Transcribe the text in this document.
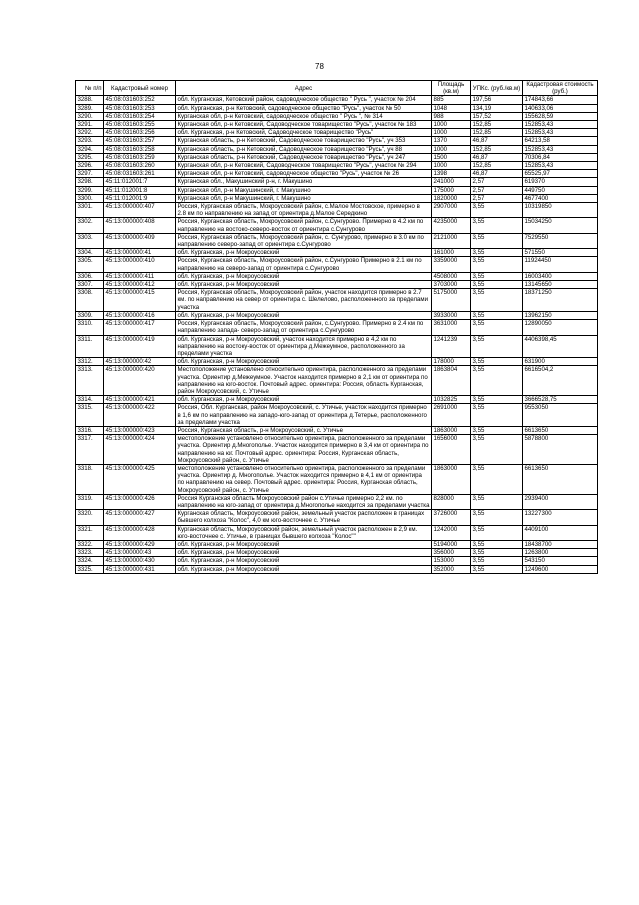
78
№ п/п	Кадастровый номер	Адрес	Площадь (кв.м)	УПКс. (руб./кв.м)	Кадастровая стоимость (руб.)
3288.	45:08:031603:252	обл. Курганская, Кетовский район, садоводческое общество " Русь ", участок № 204	885	197,56	174843,66
3289.	45:08:031603:253	обл. Курганская, р-н Кетовский, садоводческое общество "Русь", участок № 50	1048	134,19	140633,06
3290.	45:08:031603:254	Курганская обл, р-н Кетовский, садоводческое общество " Русь ", № 314	988	157,52	155628,59
3291.	45:08:031603:255	Курганская обл, р-н Кетовский, Садоводческое товарищество "Русь", участок № 183	1000	152,85	152853,43
3292.	45:08:031603:256	обл. Курганская, р-н Кетовский, Садоводческое товарищество "Русь"	1000	152,85	152853,43
3293.	45:08:031603:257	Курганская область, р-н Кетовский, Садоводческое товарищество "Русь", уч 353	1370	46,87	64213,58
3294.	45:08:031603:258	Курганская область, р-н Кетовский, Садоводческое товарищество "Русь", уч 88	1000	152,85	152853,43
3295.	45:08:031603:259	Курганская область, р-н Кетовский, Садоводческое товарищество "Русь", уч 247	1500	46,87	70306,84
3296.	45:08:031603:260	Курганская обл, р-н Кетовский, Садоводческое товарищество "Русь", участок № 294	1000	152,85	152853,43
3297.	45:08:031603:261	Курганская обл, р-н Кетовский, садоводческое общество "Русь", участок № 26	1398	46,87	65525,97
3298.	45:11:012001:7	Курганская обл., Макушинский р-н, г. Макушино	241000	2,57	619370
3299.	45:11:012001:8	Курганская обл, р-н Макушинский, г. Макушино	175000	2,57	449750
3300.	45:11:012001:9	Курганская обл, р-н Макушинский, г. Макушино	1820000	2,57	4677400
3301.	45:13:000000:407	Россия, Курганская область, Мокроусовский район, с.Малое Мостовское, примерно в 2.8 км по направлению на запад от ориентира д.Малое Середкино	2907000	3,55	10319850
3302.	45:13:000000:408	Россия, Курганская область, Мокроусовский район, с.Сунгурово. Примерно в 4.2 км по направлению на востоко-северо-восток от ориентира с.Сунгурово	4235000	3,55	15034250
3303.	45:13:000000:409	Россия, Курганская область, Мокроусовский район, с. Сунгурово, примерно в 3.0 км по направлению северо-запад от ориентира с.Сунгурово	2121000	3,55	7529550
3304.	45:13:000000:41	обл. Курганская, р-н Мокроусовский	161000	3,55	571550
3305.	45:13:000000:410	Россия, Курганская область, Мокроусовский район, с.Сунгурово Примерно в 2.1 км по направлению на северо-запад от ориентира с.Сунгурово	3359000	3,55	11924450
3306.	45:13:000000:411	обл. Курганская, р-н Мокроусовский	4508000	3,55	16003400
3307.	45:13:000000:412	обл. Курганская, р-н Мокроусовский	3703000	3,55	13145650
3308.	45:13:000000:415	Россия, Курганская область, Мокроусовский район, участок находится примерно в 2.7 км. по направлению на север от ориентира с. Шелелово, расположенного за пределами участка	5175000	3,55	18371250
3309.	45:13:000000:416	обл. Курганская, р-н Мокроусовский	3933000	3,55	13962150
3310.	45:13:000000:417	Россия, Курганская область, Мокроусовский район, с.Сунгурово. Примерно в 2.4 км по направлению запада- северо-запад от ориентира с.Сунгурово	3631000	3,55	12890050
3311.	45:13:000000:419	обл. Курганская, р-н Мокроусовский, участок находится примерно в 4,2 км по направлению на востоку-восток от ориентира д.Межеумное, расположенного за пределами участка	1241239	3,55	4406398,45
3312.	45:13:000000:42	обл. Курганская, р-н Мокроусовский	178000	3,55	631900
3313.	45:13:000000:420	Местоположение установлено относительно ориентира, расположенного за пределами участка. Ориентир д.Межеумное. Участок находится примерно в 2,1 км от ориентира по направлению на юго-восток. Почтовый адрес. ориентира: Россия, область Курганская, район Мокроусовский, с. Утичье	1863804	3,55	6616504,2
3314.	45:13:000000:421	обл. Курганская, р-н Мокроусовский	1032825	3,55	3666528,75
3315.	45:13:000000:422	Россия, Обл. Курганская, район Мокроусовский, с. Утичье, участок находится примерно в 1,6 км по направлению на западо-юго-запад от ориентира д.Тетерье, расположенного за пределами участка	2691000	3,55	9553050
3316.	45:13:000000:423	Россия, Курганская область, р-н Мокроусовский, с. Утичье	1863000	3,55	6613650
3317.	45:13:000000:424	местоположение установлено относительно ориентира, расположенного за пределами участка. Ориентир д.Многополье. Участок находится примерно в 3,4 км от ориентира по направлению на юг. Почтовый адрес. ориентира: Россия, Курганская область, Мокроусовский район, с. Утичье	1656000	3,55	5878800
3318.	45:13:000000:425	местоположение установлено относительно ориентира, расположенного за пределами участка. Ориентир д. Многополье. Участок находится примерно в 4,1 км от ориентира по направлению на север. Почтовый адрес. ориентира: Россия, Курганская область, Мокроусовский район, с. Утичье	1863000	3,55	6613650
3319.	45:13:000000:426	Россия Курганская область Мокроусовский район с.Утичье примерно 2,2 км. по направлению на юго-запад от ориентира д.Многополье находится за пределами участка	828000	3,55	2939400
3320.	45:13:000000:427	Курганская область, Мокроусовский район, земельный участок расположен в границах бывшего колхоза "Колос", 4,0 км юго-восточнее с. Утичье	3726000	3,55	13227300
3321.	45:13:000000:428	Курганская область, Мокроусовский район, земельный участок расположен в 2,9 км. юго-восточнее с. Утичье, в границах бывшего колхоза "Колос""	1242000	3,55	4409100
3322.	45:13:000000:429	обл. Курганская, р-н Мокроусовский	5194000	3,55	18438700
3323.	45:13:000000:43	обл. Курганская, р-н Мокроусовский	356000	3,55	1263800
3324.	45:13:000000:430	обл. Курганская, р-н Мокроусовский	153000	3,55	543150
3325.	45:13:000000:431	обл. Курганская, р-н Мокроусовский	352000	3,55	1249600
